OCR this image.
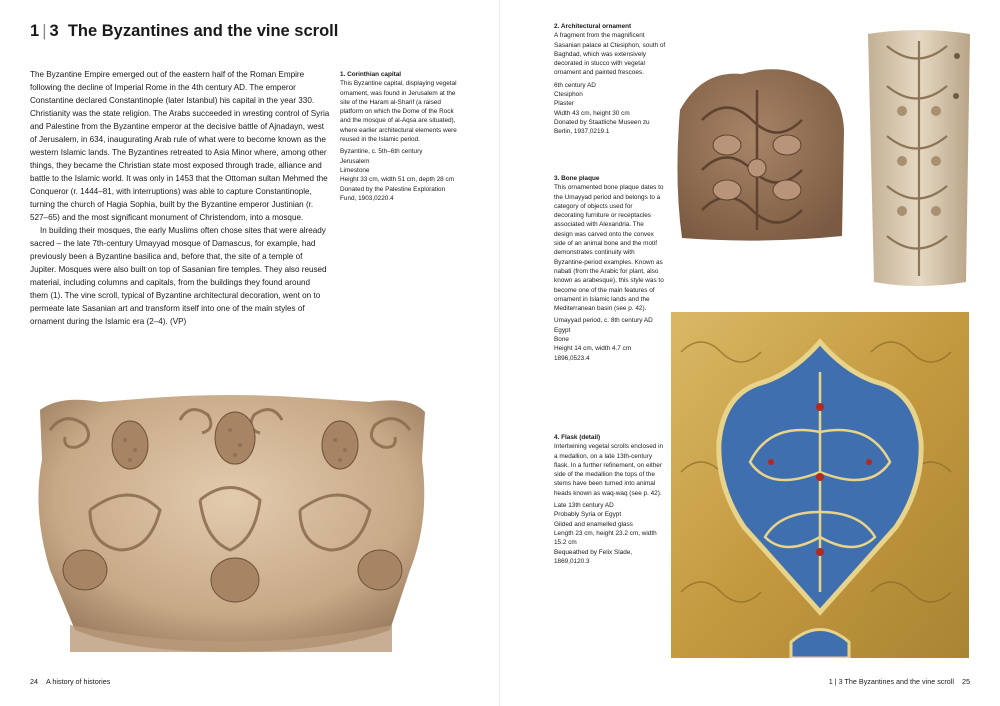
1 | 3 The Byzantines and the vine scroll

The Byzantine Empire emerged out of the eastern half of the Roman Empire following the decline of Imperial Rome in the 4th century AD. The emperor Constantine declared Constantinople (later Istanbul) his capital in the year 330. Christianity was the state religion. The Arabs succeeded in wresting control of Syria and Palestine from the Byzantine emperor at the decisive battle of Ajnadayn, west of Jerusalem, in 634, inaugurating Arab rule of what were to become known as the western Islamic lands. The Byzantines retreated to Asia Minor where, among other things, they became the Christian state most exposed through trade, alliance and battle to the Islamic world. It was only in 1453 that the Ottoman sultan Mehmed the Conqueror (r. 1444–81, with interruptions) was able to capture Constantinople, turning the church of Hagia Sophia, built by the Byzantine emperor Justinian (r. 527–65) and the most significant monument of Christendom, into a mosque.

In building their mosques, the early Muslims often chose sites that were already sacred – the late 7th-century Umayyad mosque of Damascus, for example, had previously been a Byzantine basilica and, before that, the site of a temple of Jupiter. Mosques were also built on top of Sasanian fire temples. They also reused material, including columns and capitals, from the buildings they found around them (1). The vine scroll, typical of Byzantine architectural decoration, went on to permeate late Sasanian art and transform itself into one of the main styles of ornament during the Islamic era (2–4). (VP)

1. Corinthian capital
This Byzantine capital, displaying vegetal ornament, was found in Jerusalem at the site of the Haram al-Sharif (a raised platform on which the Dome of the Rock and the mosque of al-Aqsa are situated), where earlier architectural elements were reused in the Islamic period.
Byzantine, c. 5th–6th century
Jerusalem
Limestone
Height 33 cm, width 51 cm, depth 28 cm
Donated by the Palestine Exploration Fund, 1903,0220.4
24 A history of histories
2. Architectural ornament
A fragment from the magnificent Sasanian palace at Ctesiphon, south of Baghdad, which was extensively decorated in stucco with vegetal ornament and painted frescoes.
6th century AD
Ctesiphon
Plaster
Width 43 cm, height 30 cm
Donated by Staatliche Museen zu Berlin, 1937,0219.1
3. Bone plaque
This ornamented bone plaque dates to the Umayyad period and belongs to a category of objects used for decorating furniture or receptacles associated with Alexandria. The design was carved onto the convex side of an animal bone and the motif demonstrates continuity with Byzantine-period examples. Known as nabati (from the Arabic for plant, also known as arabesque), this style was to become one of the main features of ornament in Islamic lands and the Mediterranean basin (see p. 42).
Umayyad period, c. 8th century AD
Egypt
Bone
Height 14 cm, width 4.7 cm
1896,0523.4
4. Flask (detail)
Intertwining vegetal scrolls enclosed in a medallion, on a late 13th-century flask. In a further refinement, on either side of the medallion the tops of the stems have been turned into animal heads known as waq-waq (see p. 42).
Late 13th century AD
Probably Syria or Egypt
Gilded and enamelled glass
Length 23 cm, height 23.2 cm, width 15.2 cm
Bequeathed by Felix Slade, 1869,0120.3
1 | 3 The Byzantines and the vine scroll 25
